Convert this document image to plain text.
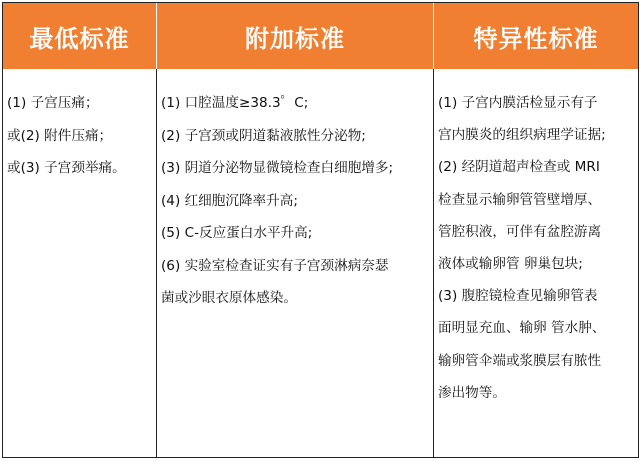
最低标准	附加标准	特异性标准
(1) 子宫压痛；
或(2) 附件压痛；
或(3) 子宫颈举痛。
(1) 口腔温度≥38.3゜C;
(2) 子宫颈或阴道黏液脓性分泌物;
(3) 阴道分泌物显微镜检查白细胞增多;
(4) 红细胞沉降率升高;
(5) C-反应蛋白水平升高;
(6) 实验室检查证实有子宫颈淋病奈瑟
菌或沙眼衣原体感染。
(1) 子宫内膜活检显示有子
宫内膜炎的组织病理学证据;
(2) 经阴道超声检查或 MRI
检查显示输卵管管壁增厚、
管腔积液，可伴有盆腔游离
液体或输卵管 卵巢包块;
(3) 腹腔镜检查见输卵管表
面明显充血、输卵 管水肿、
输卵管伞端或浆膜层有脓性
渗出物等。
